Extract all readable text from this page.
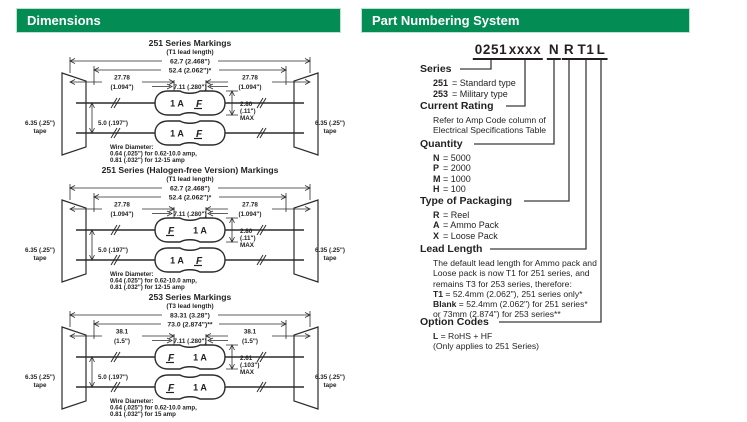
Dimensions
251 Series Markings
(T1 lead length)
62.7 (2.468")
52.4 (2.062")*
27.78
(1.094")
27.78
(1.094")
7.11 (.280")
1 A F	2.80
(.11")
MAX
5.0 (.197")
1 A F
6.35 (.25")
tape
6.35 (.25")
tape
Wire Diameter:
0.64 (.025") for 0.62-10.0 amp,
0.81 (.032") for 12-15 amp
251 Series (Halogen-free Version) Markings
(T1 lead length)
62.7 (2.468")
52.4 (2.062")*
27.78
(1.094")
27.78
(1.094")
7.11 (.280")
F 1 A	2.80
(.11")
MAX
5.0 (.197")
1 A F
6.35 (.25")
tape
6.35 (.25")
tape
Wire Diameter:
0.64 (.025") for 0.62-10.0 amp,
0.81 (.032") for 12-15 amp
253 Series Markings
(T3 lead length)
83.31 (3.28")
73.0 (2.874")**
38.1
(1.5")
38.1
(1.5")
7.11 (.280")
F 1 A	2.61
(.103")
MAX
5.0 (.197")
F 1 A
6.35 (.25")
tape
6.35 (.25")
tape
Wire Diameter:
0.64 (.025") for 0.62-10.0 amp,
0.81 (.032") for 15 amp
Part Numbering System
0251 xxxx N R T1 L
Series
251 = Standard type
253 = Military type
Current Rating
Refer to Amp Code column of
Electrical Specifications Table
Quantity
N = 5000
P = 2000
M = 1000
H = 100
Type of Packaging
R = Reel
A = Ammo Pack
X = Loose Pack
Lead Length
The default lead length for Ammo pack and
Loose pack is now T1 for 251 series, and
remains T3 for 253 series, therefore:
T1 = 52.4mm (2.062"), 251 series only*
Blank = 52.4mm (2.062") for 251 series*
or 73mm (2.874") for 253 series**
Option Codes
L = RoHS + HF
(Only applies to 251 Series)
